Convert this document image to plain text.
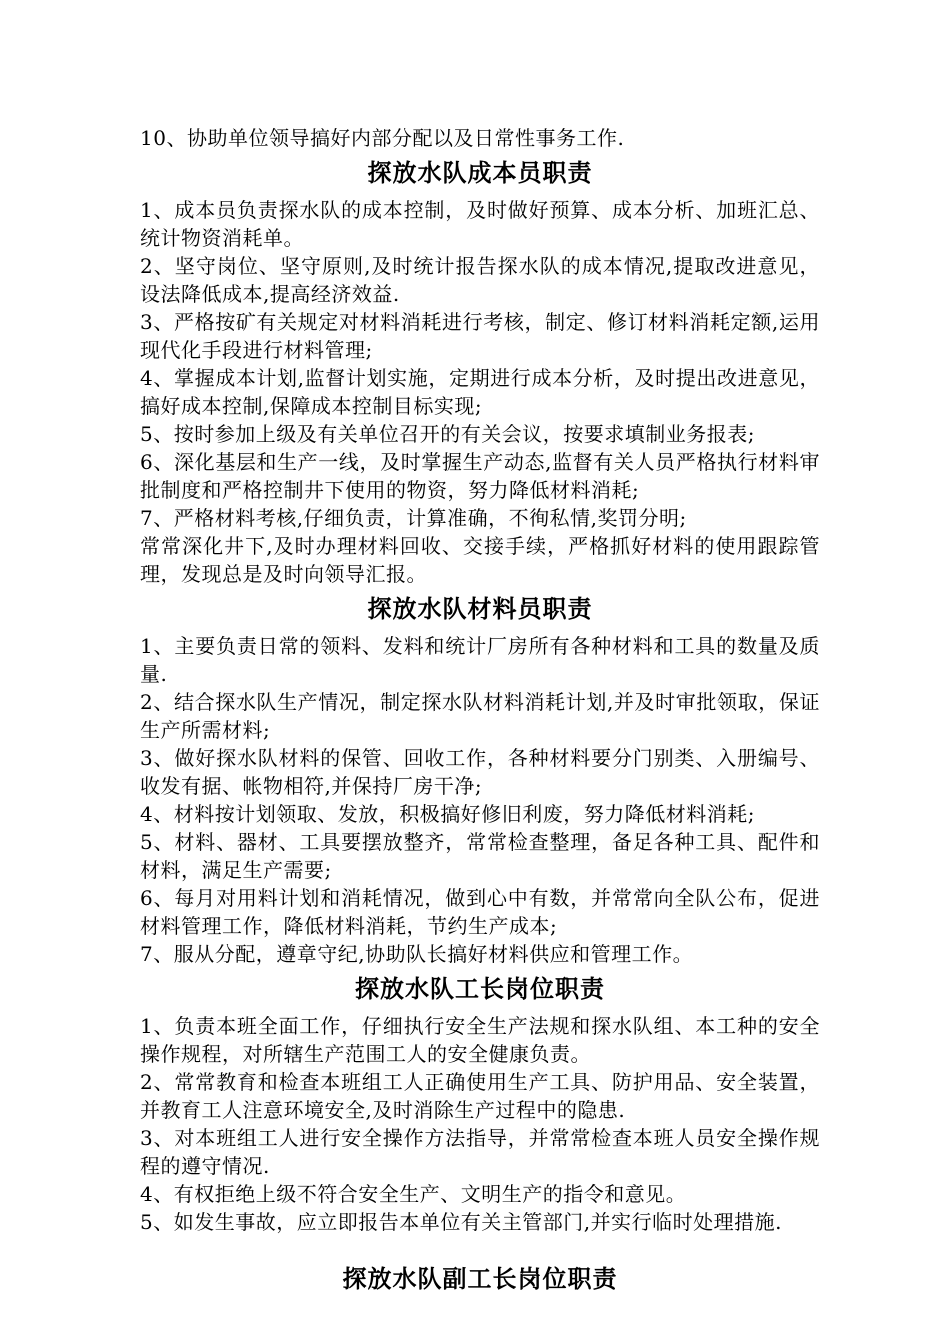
10、协助单位领导搞好内部分配以及日常性事务工作.

探放水队成本员职责

1、成本员负责探水队的成本控制，及时做好预算、成本分析、加班汇总、统计物资消耗单。

2、坚守岗位、坚守原则,及时统计报告探水队的成本情况,提取改进意见，设法降低成本,提高经济效益.

3、严格按矿有关规定对材料消耗进行考核，制定、修订材料消耗定额,运用现代化手段进行材料管理;

4、掌握成本计划,监督计划实施，定期进行成本分析，及时提出改进意见，搞好成本控制,保障成本控制目标实现;

5、按时参加上级及有关单位召开的有关会议，按要求填制业务报表;

6、深化基层和生产一线，及时掌握生产动态,监督有关人员严格执行材料审批制度和严格控制井下使用的物资，努力降低材料消耗;

7、严格材料考核,仔细负责，计算准确，不徇私情,奖罚分明;

常常深化井下,及时办理材料回收、交接手续，严格抓好材料的使用跟踪管理，发现总是及时向领导汇报。

探放水队材料员职责

1、主要负责日常的领料、发料和统计厂房所有各种材料和工具的数量及质量.

2、结合探水队生产情况，制定探水队材料消耗计划,并及时审批领取，保证生产所需材料;

3、做好探水队材料的保管、回收工作，各种材料要分门别类、入册编号、收发有据、帐物相符,并保持厂房干净;

4、材料按计划领取、发放，积极搞好修旧利废，努力降低材料消耗;

5、材料、器材、工具要摆放整齐，常常检查整理，备足各种工具、配件和材料，满足生产需要;

6、每月对用料计划和消耗情况，做到心中有数，并常常向全队公布，促进材料管理工作，降低材料消耗，节约生产成本;

7、服从分配，遵章守纪,协助队长搞好材料供应和管理工作。

探放水队工长岗位职责

1、负责本班全面工作，仔细执行安全生产法规和探水队组、本工种的安全操作规程，对所辖生产范围工人的安全健康负责。

2、常常教育和检查本班组工人正确使用生产工具、防护用品、安全装置，并教育工人注意环境安全,及时消除生产过程中的隐患.

3、对本班组工人进行安全操作方法指导，并常常检查本班人员安全操作规程的遵守情况.

4、有权拒绝上级不符合安全生产、文明生产的指令和意见。

5、如发生事故，应立即报告本单位有关主管部门,并实行临时处理措施.

探放水队副工长岗位职责
